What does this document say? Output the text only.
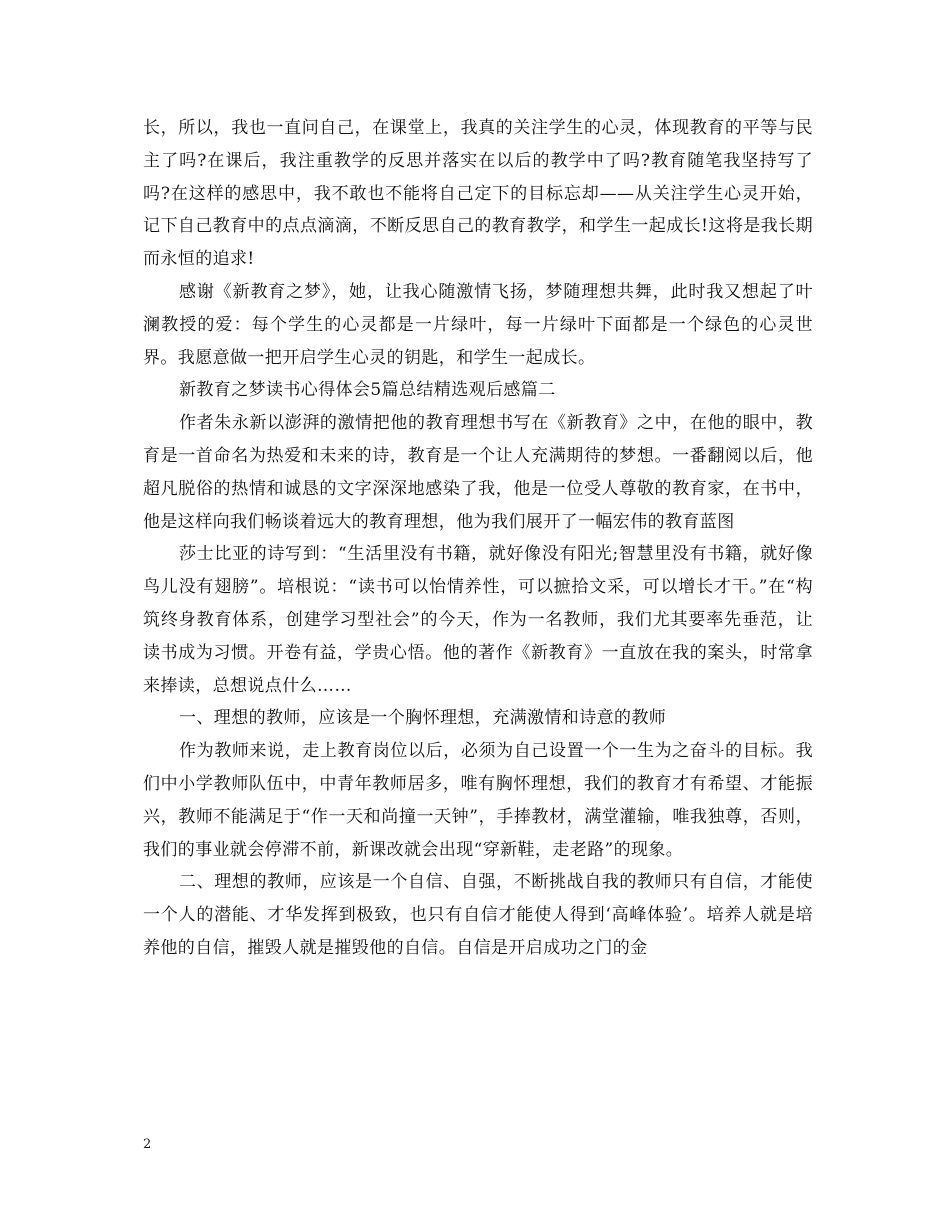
长，所以，我也一直问自己，在课堂上，我真的关注学生的心灵，体现教育的平等与民主了吗?在课后，我注重教学的反思并落实在以后的教学中了吗?教育随笔我坚持写了吗?在这样的感思中，我不敢也不能将自己定下的目标忘却——从关注学生心灵开始，记下自己教育中的点点滴滴，不断反思自己的教育教学，和学生一起成长!这将是我长期而永恒的追求!

感谢《新教育之梦》，她，让我心随激情飞扬，梦随理想共舞，此时我又想起了叶澜教授的爱：每个学生的心灵都是一片绿叶，每一片绿叶下面都是一个绿色的心灵世界。我愿意做一把开启学生心灵的钥匙，和学生一起成长。

新教育之梦读书心得体会5篇总结精选观后感篇二

作者朱永新以澎湃的激情把他的教育理想书写在《新教育》之中，在他的眼中，教育是一首命名为热爱和未来的诗，教育是一个让人充满期待的梦想。一番翻阅以后，他超凡脱俗的热情和诚恳的文字深深地感染了我，他是一位受人尊敬的教育家，在书中，他是这样向我们畅谈着远大的教育理想，他为我们展开了一幅宏伟的教育蓝图

莎士比亚的诗写到：“生活里没有书籍，就好像没有阳光;智慧里没有书籍，就好像鸟儿没有翅膀”。培根说：“读书可以怡情养性，可以摭拾文采，可以增长才干。”在“构筑终身教育体系，创建学习型社会”的今天，作为一名教师，我们尤其要率先垂范，让读书成为习惯。开卷有益，学贵心悟。他的著作《新教育》一直放在我的案头，时常拿来捧读，总想说点什么……

一、理想的教师，应该是一个胸怀理想，充满激情和诗意的教师

作为教师来说，走上教育岗位以后，必须为自己设置一个一生为之奋斗的目标。我们中小学教师队伍中，中青年教师居多，唯有胸怀理想，我们的教育才有希望、才能振兴，教师不能满足于“作一天和尚撞一天钟”，手捧教材，满堂灌输，唯我独尊，否则，我们的事业就会停滞不前，新课改就会出现“穿新鞋，走老路”的现象。

二、理想的教师，应该是一个自信、自强，不断挑战自我的教师只有自信，才能使一个人的潜能、才华发挥到极致，也只有自信才能使人得到‘高峰体验’。培养人就是培养他的自信，摧毁人就是摧毁他的自信。自信是开启成功之门的金

2
